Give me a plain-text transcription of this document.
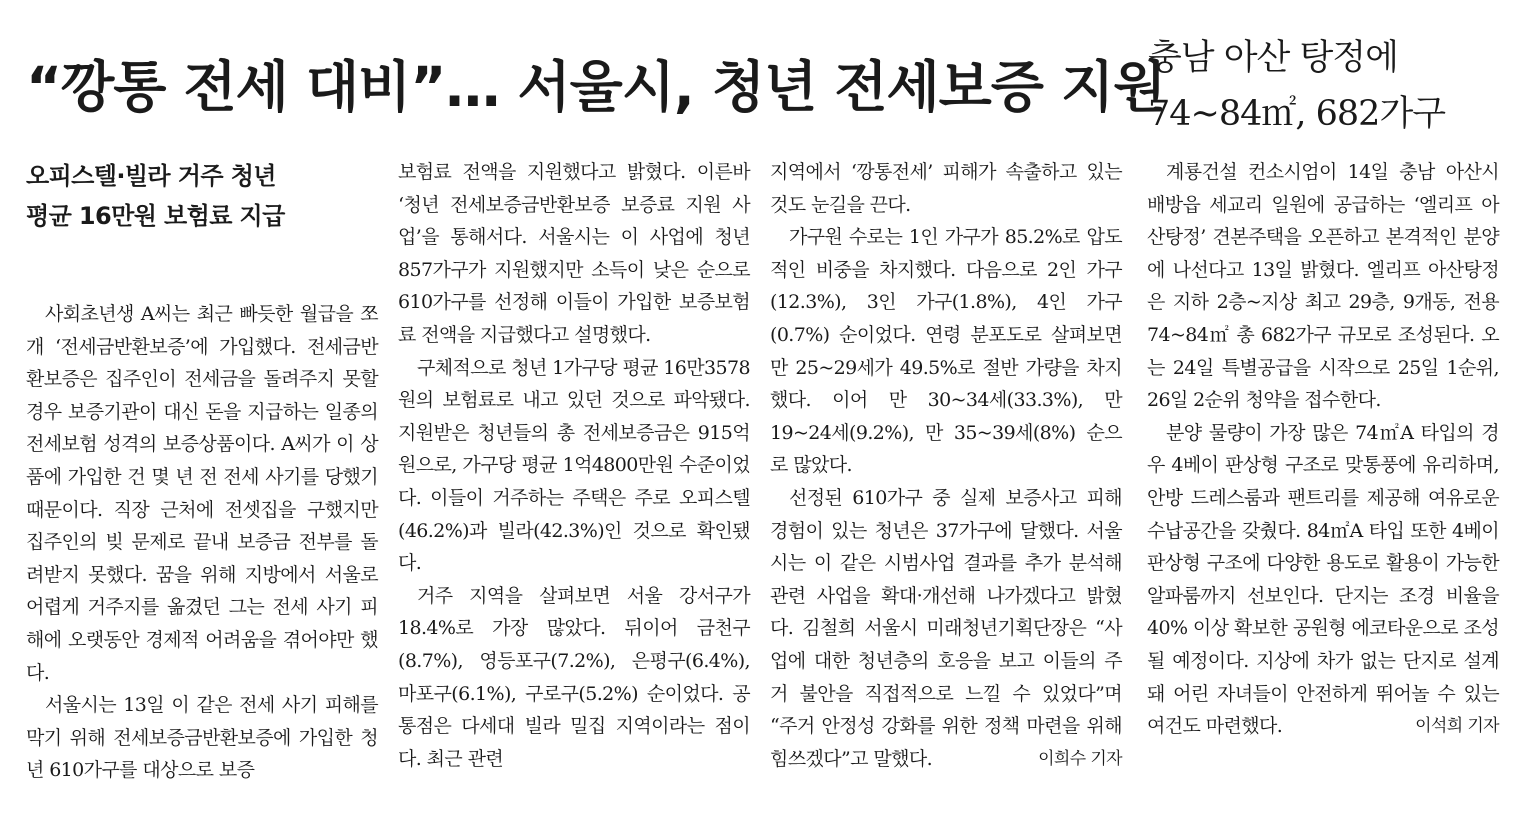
“깡통 전세 대비”… 서울시, 청년 전세보증 지원
충남 아산 탕정에
74~84㎡, 682가구
오피스텔·빌라 거주 청년
평균 16만원 보험료 지급

사회초년생 A씨는 최근 빠듯한 월급을 쪼개 ‘전세금반환보증’에 가입했다. 전세금반환보증은 집주인이 전세금을 돌려주지 못할 경우 보증기관이 대신 돈을 지급하는 일종의 전세보험 성격의 보증상품이다. A씨가 이 상품에 가입한 건 몇 년 전 전세 사기를 당했기 때문이다. 직장 근처에 전셋집을 구했지만 집주인의 빚 문제로 끝내 보증금 전부를 돌려받지 못했다. 꿈을 위해 지방에서 서울로 어렵게 거주지를 옮겼던 그는 전세 사기 피해에 오랫동안 경제적 어려움을 겪어야만 했다.

서울시는 13일 이 같은 전세 사기 피해를 막기 위해 전세보증금반환보증에 가입한 청년 610가구를 대상으로 보증

보험료 전액을 지원했다고 밝혔다. 이른바 ‘청년 전세보증금반환보증 보증료 지원 사업’을 통해서다. 서울시는 이 사업에 청년 857가구가 지원했지만 소득이 낮은 순으로 610가구를 선정해 이들이 가입한 보증보험료 전액을 지급했다고 설명했다.

구체적으로 청년 1가구당 평균 16만3578원의 보험료로 내고 있던 것으로 파악됐다. 지원받은 청년들의 총 전세보증금은 915억원으로, 가구당 평균 1억4800만원 수준이었다. 이들이 거주하는 주택은 주로 오피스텔(46.2%)과 빌라(42.3%)인 것으로 확인됐다.

거주 지역을 살펴보면 서울 강서구가 18.4%로 가장 많았다. 뒤이어 금천구(8.7%), 영등포구(7.2%), 은평구(6.4%), 마포구(6.1%), 구로구(5.2%) 순이었다. 공통점은 다세대 빌라 밀집 지역이라는 점이다. 최근 관련

지역에서 ‘깡통전세’ 피해가 속출하고 있는 것도 눈길을 끈다.

가구원 수로는 1인 가구가 85.2%로 압도적인 비중을 차지했다. 다음으로 2인 가구(12.3%), 3인 가구(1.8%), 4인 가구(0.7%) 순이었다. 연령 분포도로 살펴보면 만 25~29세가 49.5%로 절반 가량을 차지했다. 이어 만 30~34세(33.3%), 만 19~24세(9.2%), 만 35~39세(8%) 순으로 많았다.

선정된 610가구 중 실제 보증사고 피해 경험이 있는 청년은 37가구에 달했다. 서울시는 이 같은 시범사업 결과를 추가 분석해 관련 사업을 확대·개선해 나가겠다고 밝혔다. 김철희 서울시 미래청년기획단장은 “사업에 대한 청년층의 호응을 보고 이들의 주거 불안을 직접적으로 느낄 수 있었다”며 “주거 안정성 강화를 위한 정책 마련을 위해 힘쓰겠다”고 말했다.	이희수 기자

계룡건설 컨소시엄이 14일 충남 아산시 배방읍 세교리 일원에 공급하는 ‘엘리프 아산탕정’ 견본주택을 오픈하고 본격적인 분양에 나선다고 13일 밝혔다. 엘리프 아산탕정은 지하 2층~지상 최고 29층, 9개동, 전용 74~84㎡ 총 682가구 규모로 조성된다. 오는 24일 특별공급을 시작으로 25일 1순위, 26일 2순위 청약을 접수한다.

분양 물량이 가장 많은 74㎡A 타입의 경우 4베이 판상형 구조로 맞통풍에 유리하며, 안방 드레스룸과 팬트리를 제공해 여유로운 수납공간을 갖췄다. 84㎡A 타입 또한 4베이 판상형 구조에 다양한 용도로 활용이 가능한 알파룸까지 선보인다. 단지는 조경 비율을 40% 이상 확보한 공원형 에코타운으로 조성될 예정이다. 지상에 차가 없는 단지로 설계돼 어린 자녀들이 안전하게 뛰어놀 수 있는 여건도 마련했다.	이석희 기자
